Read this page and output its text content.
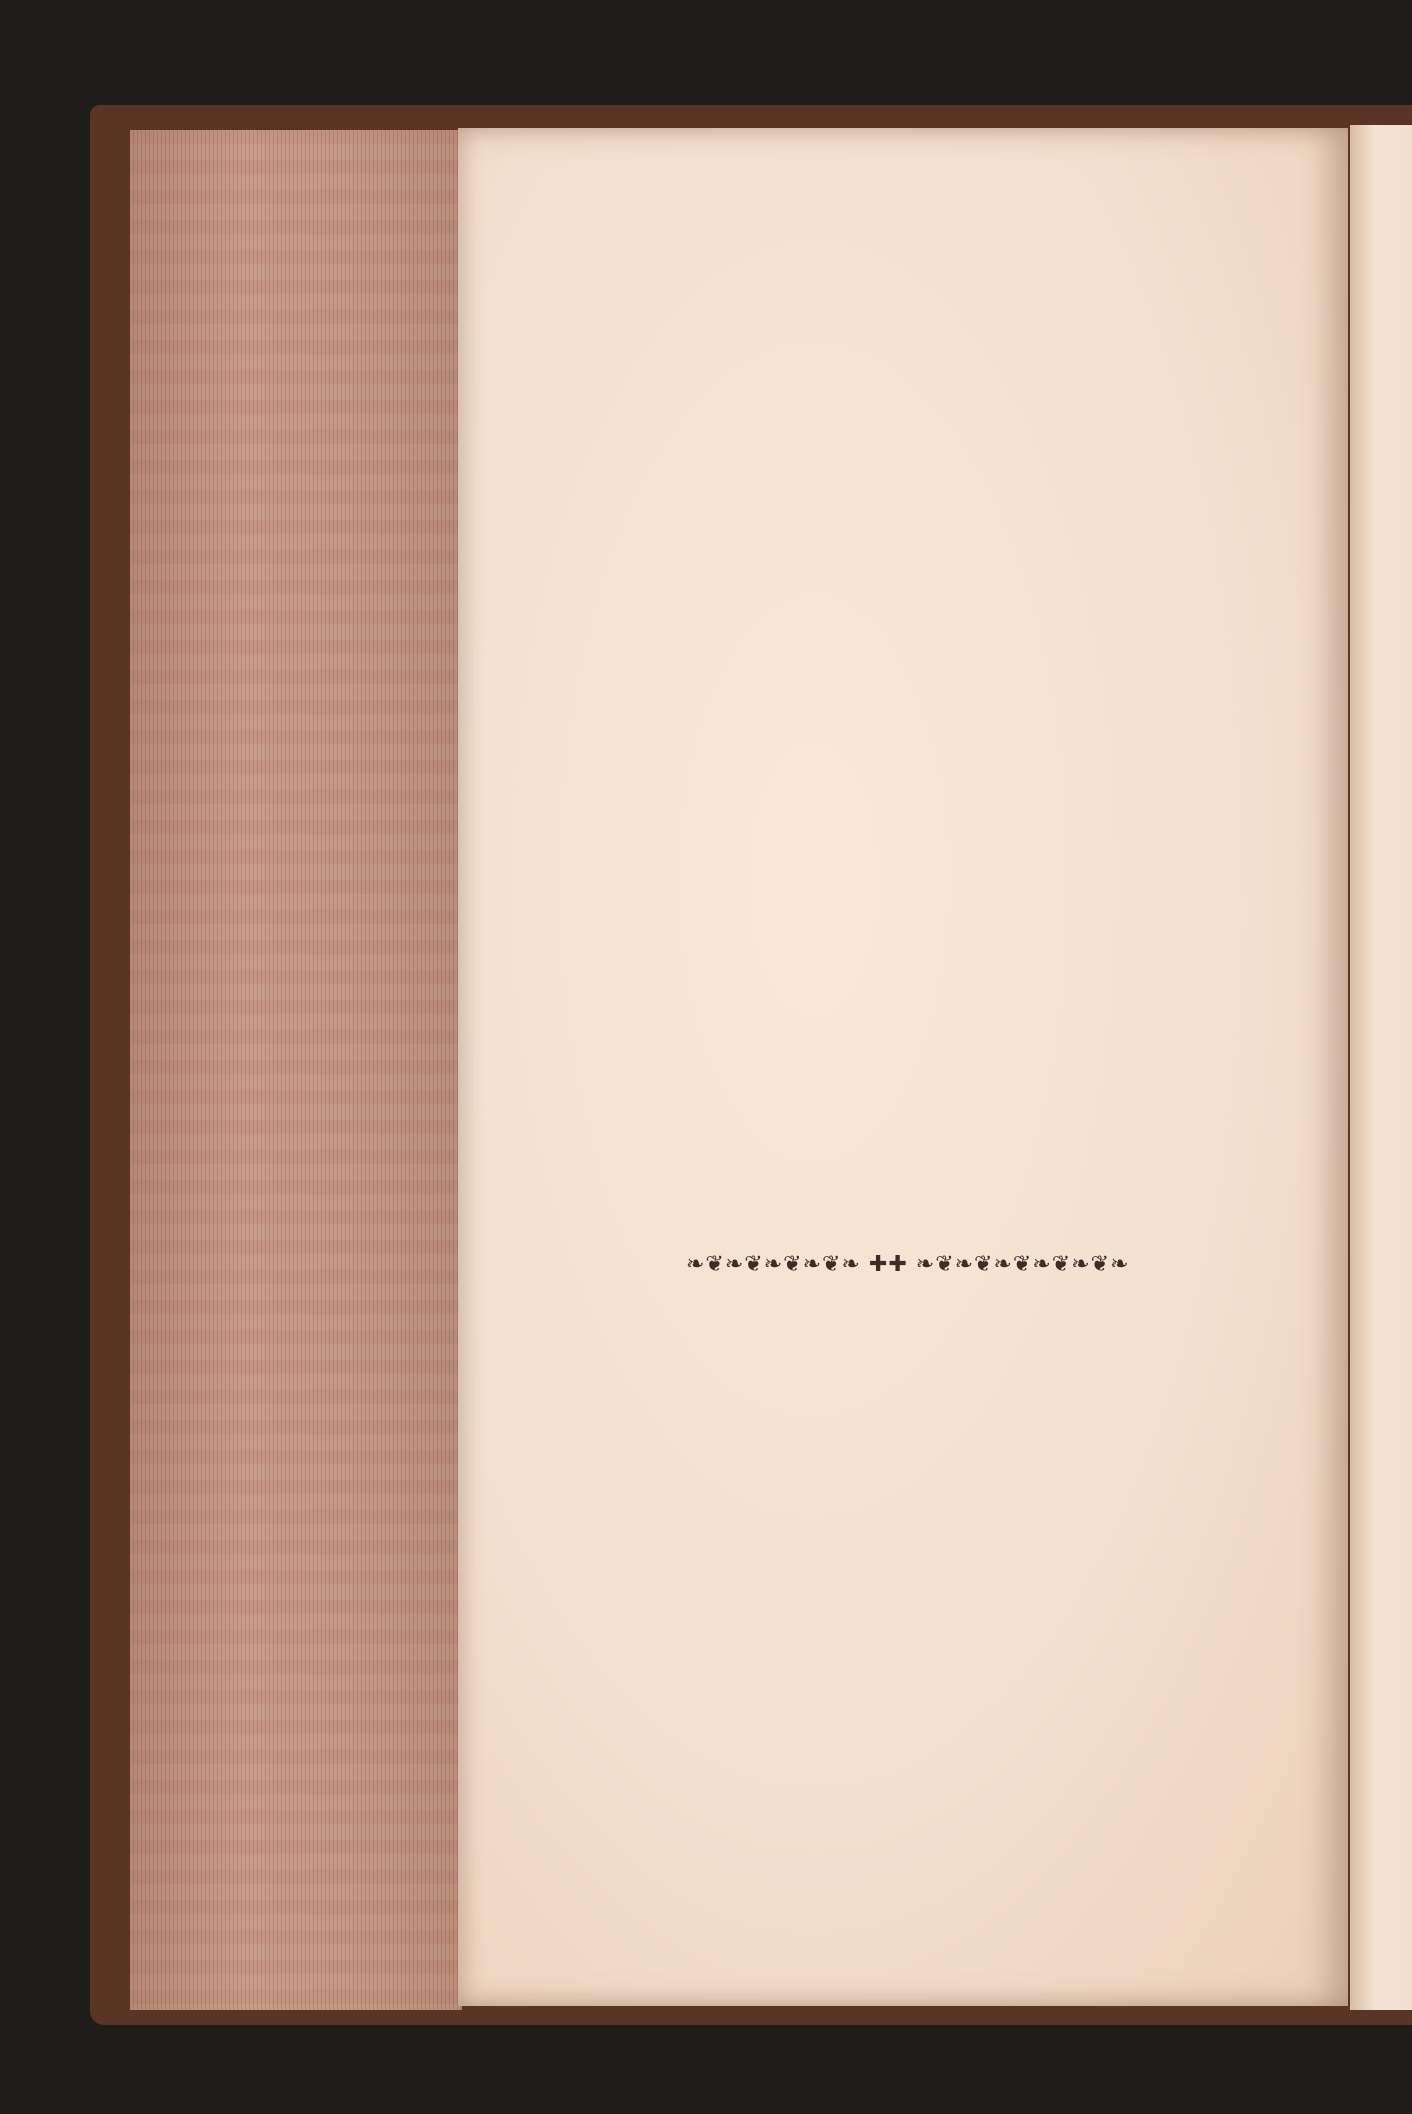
❧❦❧❦❧❦❧❦❧ ✚✚ ❧❦❧❦❧❦❧❦❧❦❧
